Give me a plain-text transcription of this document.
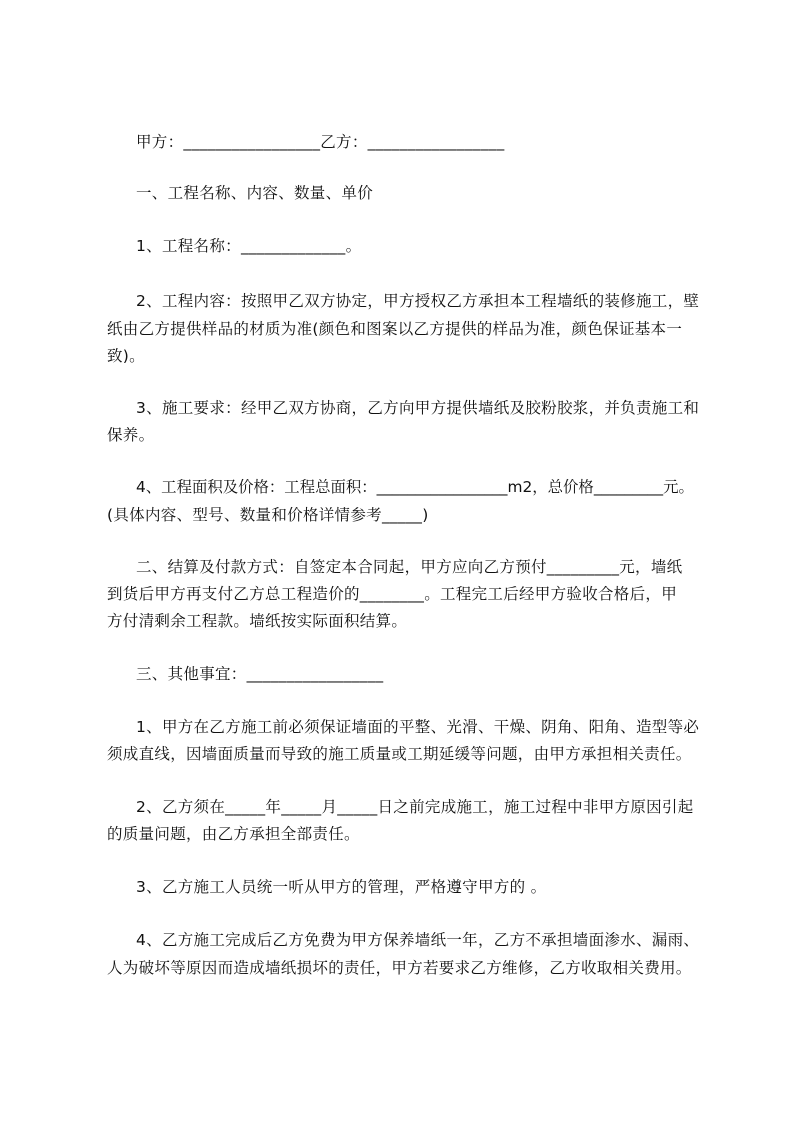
甲方：_________________乙方：_________________
一、工程名称、内容、数量、单价
1、工程名称：_____________。
2、工程内容：按照甲乙双方协定，甲方授权乙方承担本工程墙纸的装修施工，壁
纸由乙方提供样品的材质为准(颜色和图案以乙方提供的样品为准，颜色保证基本一
致)。
3、施工要求：经甲乙双方协商，乙方向甲方提供墙纸及胶粉胶浆，并负责施工和
保养。
4、工程面积及价格：工程总面积：_________________m2，总价格_________元。
(具体内容、型号、数量和价格详情参考_____)
二、结算及付款方式：自签定本合同起，甲方应向乙方预付_________元，墙纸
到货后甲方再支付乙方总工程造价的________。工程完工后经甲方验收合格后，甲
方付清剩余工程款。墙纸按实际面积结算。
三、其他事宜：_________________
1、甲方在乙方施工前必须保证墙面的平整、光滑、干燥、阴角、阳角、造型等必
须成直线，因墙面质量而导致的施工质量或工期延缓等问题，由甲方承担相关责任。
2、乙方须在_____年_____月_____日之前完成施工，施工过程中非甲方原因引起
的质量问题，由乙方承担全部责任。
3、乙方施工人员统一听从甲方的管理，严格遵守甲方的 。
4、乙方施工完成后乙方免费为甲方保养墙纸一年，乙方不承担墙面渗水、漏雨、
人为破坏等原因而造成墙纸损坏的责任，甲方若要求乙方维修，乙方收取相关费用。
